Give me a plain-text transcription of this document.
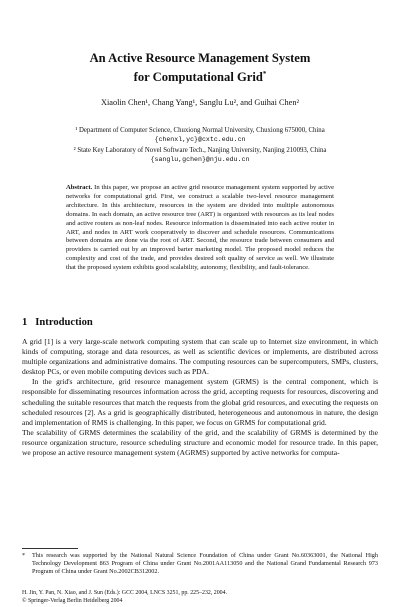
An Active Resource Management System
for Computational Grid*
Xiaolin Chen¹, Chang Yang¹, Sanglu Lu², and Guihai Chen²
¹ Department of Computer Science, Chuxiong Normal University, Chuxiong 675000, China
{chenxl,yc}@cxtc.edu.cn
² State Key Laboratory of Novel Software Tech., Nanjing University, Nanjing 210093, China
{sanglu,gchen}@nju.edu.cn
Abstract. In this paper, we propose an active grid resource management system supported by active networks for computational grid. First, we construct a scalable two-level resource management architecture. In this architecture, resources in the system are divided into multiple autonomous domains. In each domain, an active resource tree (ART) is organized with resources as its leaf nodes and active routers as non-leaf nodes. Resource information is disseminated into each active router in ART, and nodes in ART work cooperatively to discover and schedule resources. Communications between domains are done via the root of ART. Second, the resource trade between consumers and providers is carried out by an improved barter marketing model. The proposed model reduces the complexity and cost of the trade, and provides desired soft quality of service as well. We illustrate that the proposed system exhibits good scalability, autonomy, flexibility, and fault-tolerance.
1 Introduction

A grid [1] is a very large-scale network computing system that can scale up to Internet size environment, in which kinds of computing, storage and data resources, as well as scientific devices or implements, are distributed across multiple organizations and administrative domains. The computing resources can be supercomputers, SMPs, clusters, desktop PCs, or even mobile computing devices such as PDA.

In the grid's architecture, grid resource management system (GRMS) is the central component, which is responsible for disseminating resources information across the grid, accepting requests for resources, discovering and scheduling the suitable resources that match the requests from the global grid resources, and executing the requests on scheduled resources [2]. As a grid is geographically distributed, heterogeneous and autonomous in nature, the design and implementation of RMS is challenging. In this paper, we focus on GRMS for computational grid.

The scalability of GRMS determines the scalability of the grid, and the scalability of GRMS is determined by the resource organization structure, resource scheduling structure and economic model for resource trade. In this paper, we propose an active resource management system (AGRMS) supported by active networks for computa-

* This research was supported by the National Natural Science Foundation of China under Grant No.60363001, the National High Technology Development 863 Program of China under Grant No.2001AA113050 and the National Grand Fundamental Research 973 Program of China under Grant No.2002CB312002.
H. Jin, Y. Pan, N. Xiao, and J. Sun (Eds.): GCC 2004, LNCS 3251, pp. 225–232, 2004.
© Springer-Verlag Berlin Heidelberg 2004
